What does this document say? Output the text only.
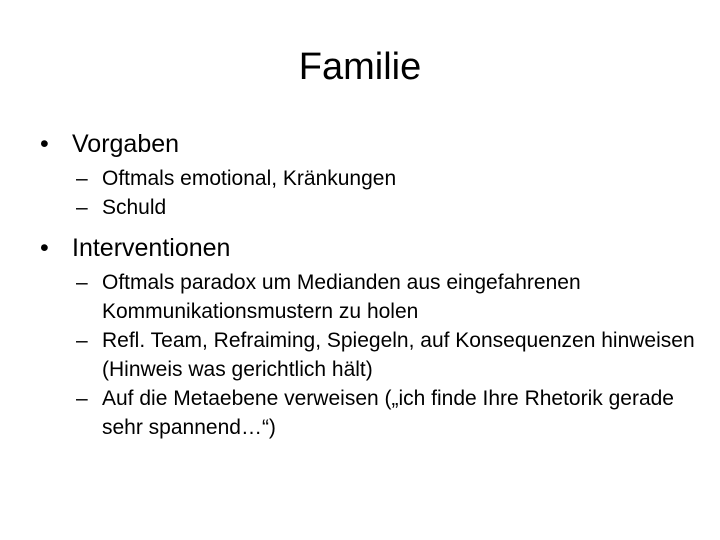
Familie
• Vorgaben
– Oftmals emotional, Kränkungen
– Schuld
• Interventionen
– Oftmals paradox um Medianden aus eingefahrenen Kommunikationsmustern zu holen
– Refl. Team, Refraiming, Spiegeln, auf Konsequenzen hinweisen (Hinweis was gerichtlich hält)
– Auf die Metaebene verweisen („ich finde Ihre Rhetorik gerade sehr spannend…“)
